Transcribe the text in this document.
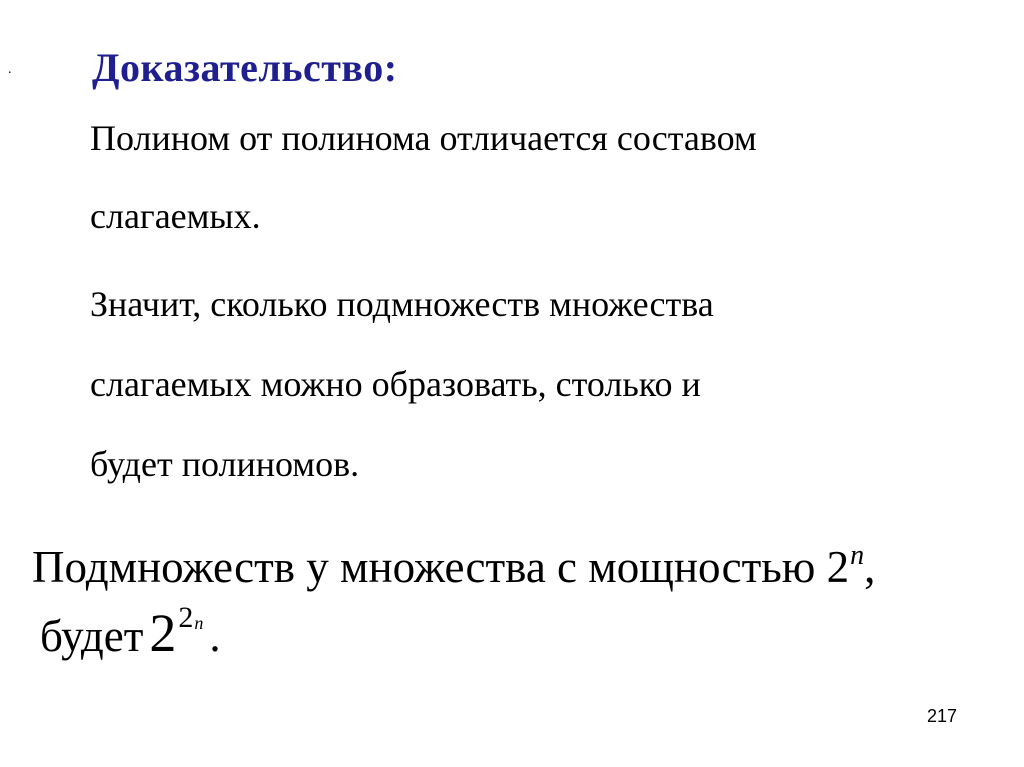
. Доказательство:
Полином от полинома отличается составом
слагаемых.
Значит, сколько подмножеств множества
слагаемых можно образовать, столько и
будет полиномов.
Подмножеств у множества с мощностью 2$^n$,
будет 22n .
217
